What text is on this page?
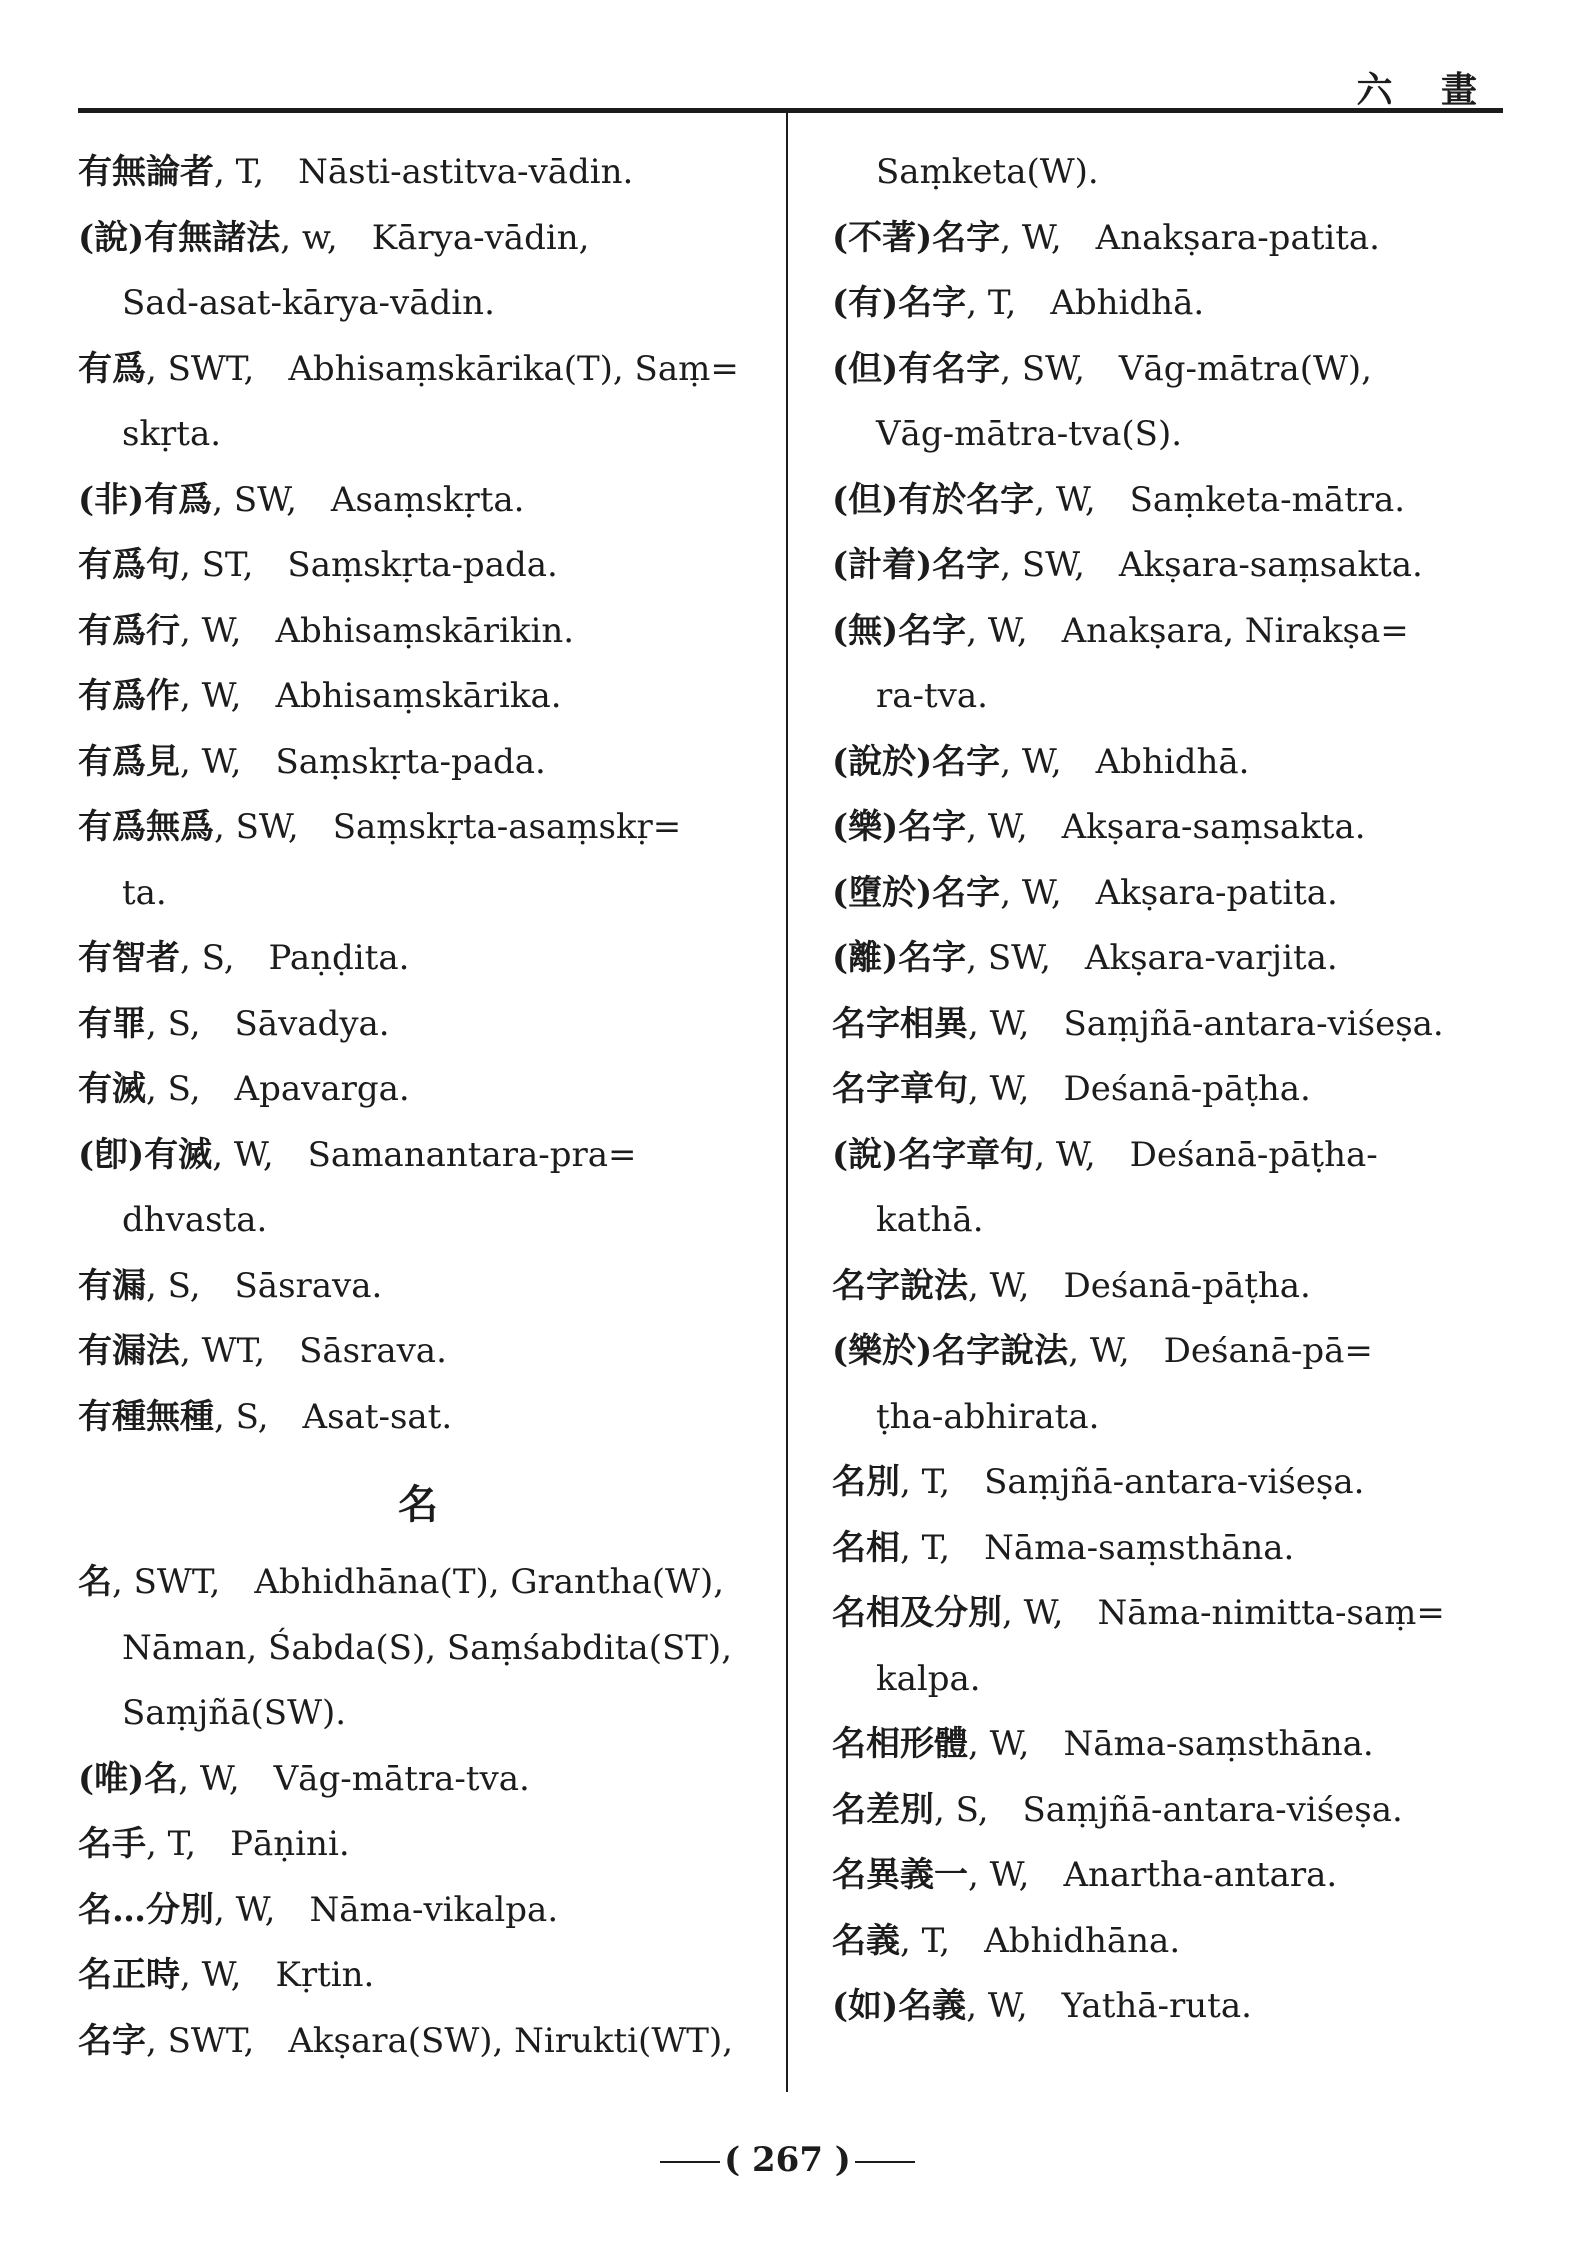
六 畫
有無論者, T, Nāsti-astitva-vādin.
(說)有無諸法, w, Kārya-vādin,

Sad-asat-kārya-vādin.

有爲, SWT, Abhisaṃskārika(T), Saṃ=

skṛta.

(非)有爲, SW, Asaṃskṛta.
有爲句, ST, Saṃskṛta-pada.
有爲行, W, Abhisaṃskārikin.
有爲作, W, Abhisaṃskārika.
有爲見, W, Saṃskṛta-pada.
有爲無爲, SW, Saṃskṛta-asaṃskṛ=

ta.

有智者, S, Paṇḍita.
有罪, S, Sāvadya.
有滅, S, Apavarga.
(卽)有滅, W, Samanantara-pra=

dhvasta.

有漏, S, Sāsrava.
有漏法, WT, Sāsrava.
有種無種, S, Asat-sat.
名
名, SWT, Abhidhāna(T), Grantha(W),

Nāman, Śabda(S), Saṃśabdita(ST),

Saṃjñā(SW).

(唯)名, W, Vāg-mātra-tva.
名手, T, Pāṇini.
名…分別, W, Nāma-vikalpa.
名正時, W, Kṛtin.
名字, SWT, Akṣara(SW), Nirukti(WT),

Saṃketa(W).

(不著)名字, W, Anakṣara-patita.
(有)名字, T, Abhidhā.
(但)有名字, SW, Vāg-mātra(W),

Vāg-mātra-tva(S).

(但)有於名字, W, Saṃketa-mātra.
(計着)名字, SW, Akṣara-saṃsakta.
(無)名字, W, Anakṣara, Nirakṣa=

ra-tva.

(說於)名字, W, Abhidhā.
(樂)名字, W, Akṣara-saṃsakta.
(墮於)名字, W, Akṣara-patita.
(離)名字, SW, Akṣara-varjita.
名字相異, W, Saṃjñā-antara-viśeṣa.
名字章句, W, Deśanā-pāṭha.
(說)名字章句, W, Deśanā-pāṭha-

kathā.

名字說法, W, Deśanā-pāṭha.
(樂於)名字說法, W, Deśanā-pā=

ṭha-abhirata.

名別, T, Saṃjñā-antara-viśeṣa.
名相, T, Nāma-saṃsthāna.
名相及分別, W, Nāma-nimitta-saṃ=

kalpa.

名相形體, W, Nāma-saṃsthāna.
名差別, S, Saṃjñā-antara-viśeṣa.
名異義一, W, Anartha-antara.
名義, T, Abhidhāna.
(如)名義, W, Yathā-ruta.
( 267 )
